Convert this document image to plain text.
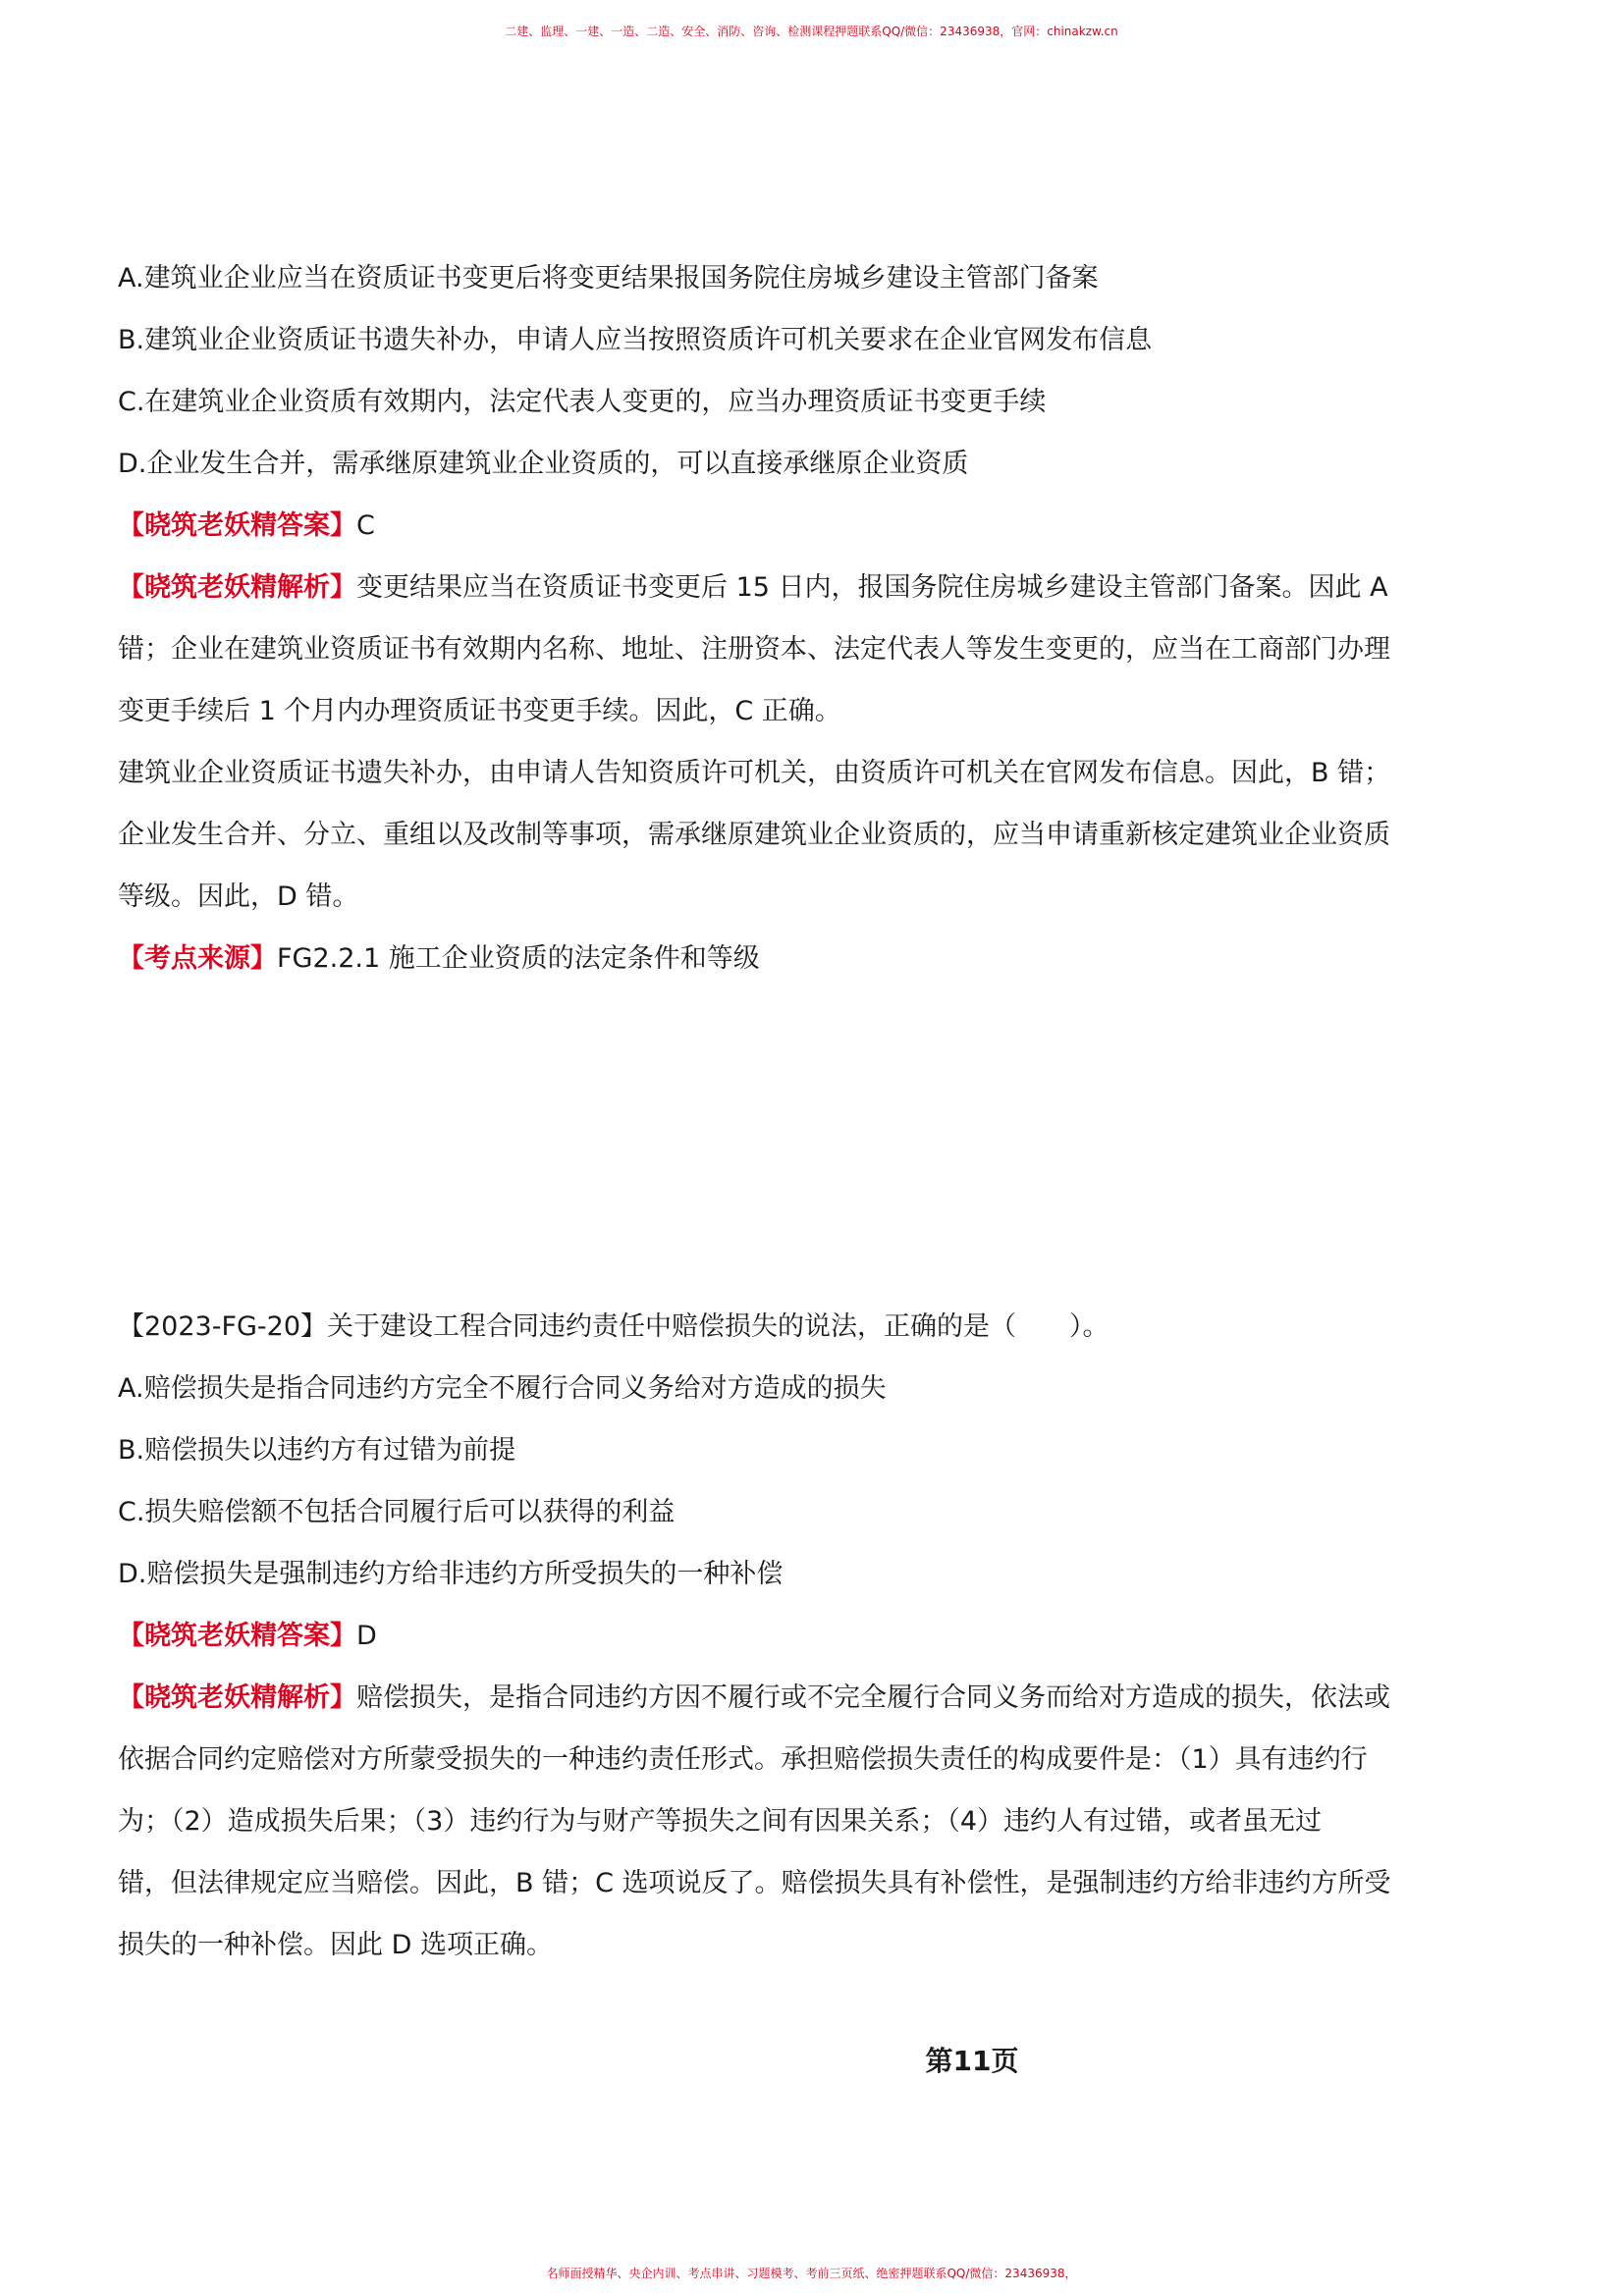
二建、监理、一建、一造、二造、安全、消防、咨询、检测课程押题联系QQ/微信：23436938，官网：chinakzw.cn

A.建筑业企业应当在资质证书变更后将变更结果报国务院住房城乡建设主管部门备案

B.建筑业企业资质证书遗失补办，申请人应当按照资质许可机关要求在企业官网发布信息

C.在建筑业企业资质有效期内，法定代表人变更的，应当办理资质证书变更手续

D.企业发生合并，需承继原建筑业企业资质的，可以直接承继原企业资质

【晓筑老妖精答案】C

【晓筑老妖精解析】变更结果应当在资质证书变更后 15 日内，报国务院住房城乡建设主管部门备案。因此 A

错；企业在建筑业资质证书有效期内名称、地址、注册资本、法定代表人等发生变更的，应当在工商部门办理

变更手续后 1 个月内办理资质证书变更手续。因此，C 正确。

建筑业企业资质证书遗失补办，由申请人告知资质许可机关，由资质许可机关在官网发布信息。因此，B 错；

企业发生合并、分立、重组以及改制等事项，需承继原建筑业企业资质的，应当申请重新核定建筑业企业资质

等级。因此，D 错。

【考点来源】FG2.2.1 施工企业资质的法定条件和等级

【2023-FG-20】关于建设工程合同违约责任中赔偿损失的说法，正确的是（　　）。

A.赔偿损失是指合同违约方完全不履行合同义务给对方造成的损失

B.赔偿损失以违约方有过错为前提

C.损失赔偿额不包括合同履行后可以获得的利益

D.赔偿损失是强制违约方给非违约方所受损失的一种补偿

【晓筑老妖精答案】D

【晓筑老妖精解析】赔偿损失，是指合同违约方因不履行或不完全履行合同义务而给对方造成的损失，依法或

依据合同约定赔偿对方所蒙受损失的一种违约责任形式。承担赔偿损失责任的构成要件是：（1）具有违约行

为；（2）造成损失后果；（3）违约行为与财产等损失之间有因果关系；（4）违约人有过错，或者虽无过

错，但法律规定应当赔偿。因此，B 错；C 选项说反了。赔偿损失具有补偿性，是强制违约方给非违约方所受

损失的一种补偿。因此 D 选项正确。

第11页
名师面授精华、央企内训、考点串讲、习题模考、考前三页纸、绝密押题联系QQ/微信：23436938，
